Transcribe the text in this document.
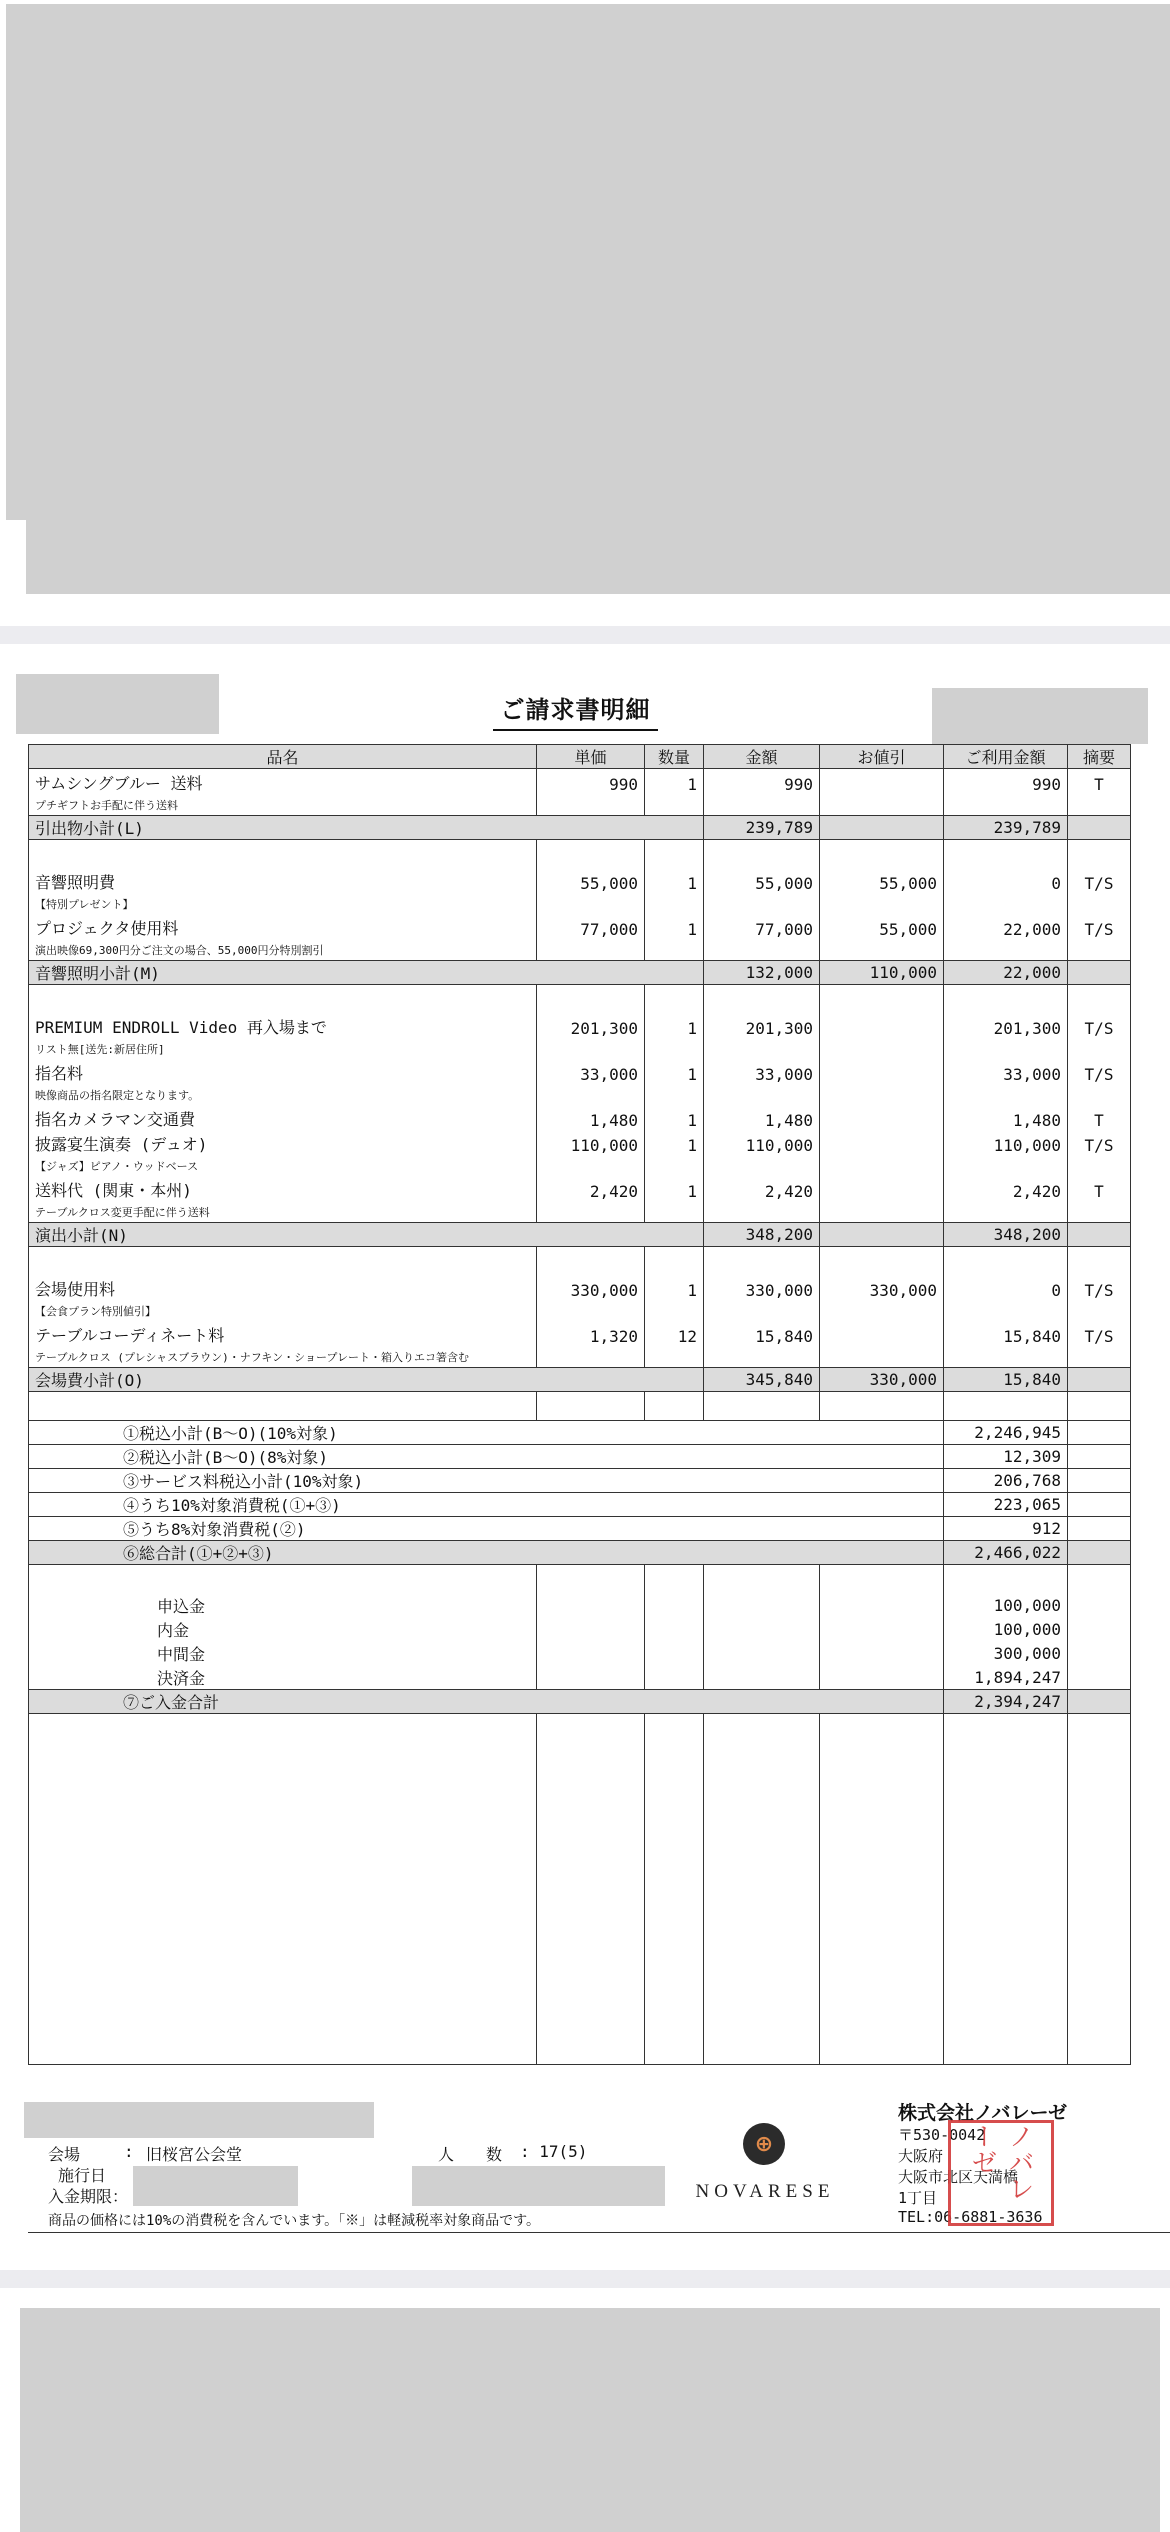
ご請求書明細
品名	単価	数量	金額	お値引	ご利用金額	摘要
サムシングブルー 送料	990	1	990		990	T
プチギフトお手配に伴う送料						
引出物小計(L)			239,789		239,789	

音響照明費	55,000	1	55,000	55,000	0	T/S
【特別プレゼント】						
プロジェクタ使用料	77,000	1	77,000	55,000	22,000	T/S
演出映像69,300円分ご注文の場合、55,000円分特別割引						
音響照明小計(M)			132,000	110,000	22,000	

PREMIUM ENDROLL Video 再入場まで	201,300	1	201,300		201,300	T/S
リスト無[送先:新居住所]						
指名料	33,000	1	33,000		33,000	T/S
映像商品の指名限定となります。						
指名カメラマン交通費	1,480	1	1,480		1,480	T
披露宴生演奏 (デュオ)	110,000	1	110,000		110,000	T/S
【ジャズ】ピアノ・ウッドベース						
送料代 (関東・本州)	2,420	1	2,420		2,420	T
テーブルクロス変更手配に伴う送料						
演出小計(N)			348,200		348,200	

会場使用料	330,000	1	330,000	330,000	0	T/S
【会食プラン特別値引】						
テーブルコーディネート料	1,320	12	15,840		15,840	T/S
テーブルクロス (プレシャスブラウン)・ナフキン・ショープレート・箱入りエコ箸含む						
会場費小計(O)			345,840	330,000	15,840	

①税込小計(B～O)(10%対象)					2,246,945	
②税込小計(B～O)(8%対象)					12,309	
③サービス料税込小計(10%対象)					206,768	
④うち10%対象消費税(①+③)					223,065	
⑤うち8%対象消費税(②)					912	
⑥総合計(①+②+③)					2,466,022	

申込金					100,000	
内金					100,000	
中間金					300,000	
決済金					1,894,247	
⑦ご入金合計					2,394,247	

会場	: 旧桜宮公会堂	人　　数 : 17(5)
施行日
入金期限：
商品の価格には10%の消費税を含んでいます。「※」は軽減税率対象商品です。
⊕
NOVARESE
株式会社ノバレーゼ
〒530-0042
大阪府
大阪市北区天満橋
1丁目
TEL:06-6881-3636
ノバレーゼ
